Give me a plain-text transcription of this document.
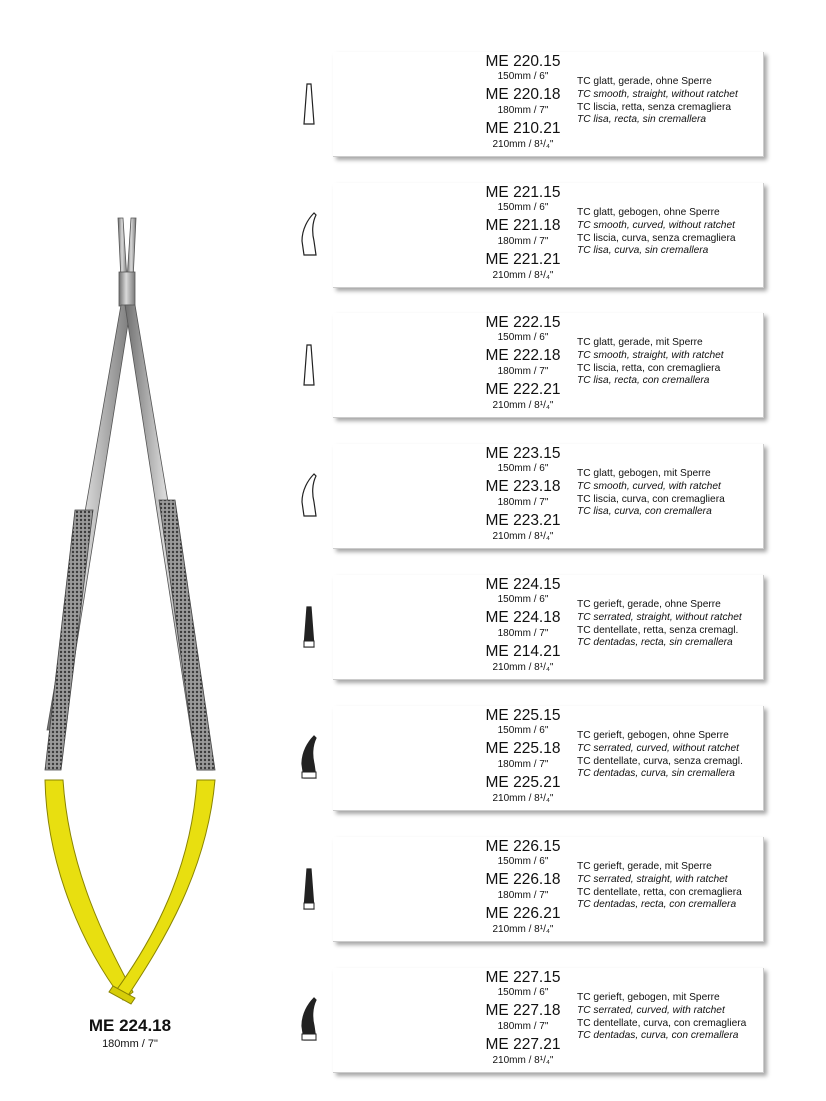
ME 224.18
180mm / 7"
ME 220.15
150mm / 6"
ME 220.18
180mm / 7"
ME 210.21
210mm / 8¹/₄"
TC glatt, gerade, ohne Sperre
TC smooth, straight, without ratchet
TC liscia, retta, senza cremagliera
TC lisa, recta, sin cremallera
ME 221.15
150mm / 6"
ME 221.18
180mm / 7"
ME 221.21
210mm / 8¹/₄"
TC glatt, gebogen, ohne Sperre
TC smooth, curved, without ratchet
TC liscia, curva, senza cremagliera
TC lisa, curva, sin cremallera
ME 222.15
150mm / 6"
ME 222.18
180mm / 7"
ME 222.21
210mm / 8¹/₄"
TC glatt, gerade, mit Sperre
TC smooth, straight, with ratchet
TC liscia, retta, con cremagliera
TC lisa, recta, con cremallera
ME 223.15
150mm / 6"
ME 223.18
180mm / 7"
ME 223.21
210mm / 8¹/₄"
TC glatt, gebogen, mit Sperre
TC smooth, curved, with ratchet
TC liscia, curva, con cremagliera
TC lisa, curva, con cremallera
ME 224.15
150mm / 6"
ME 224.18
180mm / 7"
ME 214.21
210mm / 8¹/₄"
TC gerieft, gerade, ohne Sperre
TC serrated, straight, without ratchet
TC dentellate, retta, senza cremagl.
TC dentadas, recta, sin cremallera
ME 225.15
150mm / 6"
ME 225.18
180mm / 7"
ME 225.21
210mm / 8¹/₄"
TC gerieft, gebogen, ohne Sperre
TC serrated, curved, without ratchet
TC dentellate, curva, senza cremagl.
TC dentadas, curva, sin cremallera
ME 226.15
150mm / 6"
ME 226.18
180mm / 7"
ME 226.21
210mm / 8¹/₄"
TC gerieft, gerade, mit Sperre
TC serrated, straight, with ratchet
TC dentellate, retta, con cremagliera
TC dentadas, recta, con cremallera
ME 227.15
150mm / 6"
ME 227.18
180mm / 7"
ME 227.21
210mm / 8¹/₄"
TC gerieft, gebogen, mit Sperre
TC serrated, curved, with ratchet
TC dentellate, curva, con cremagliera
TC dentadas, curva, con cremallera
